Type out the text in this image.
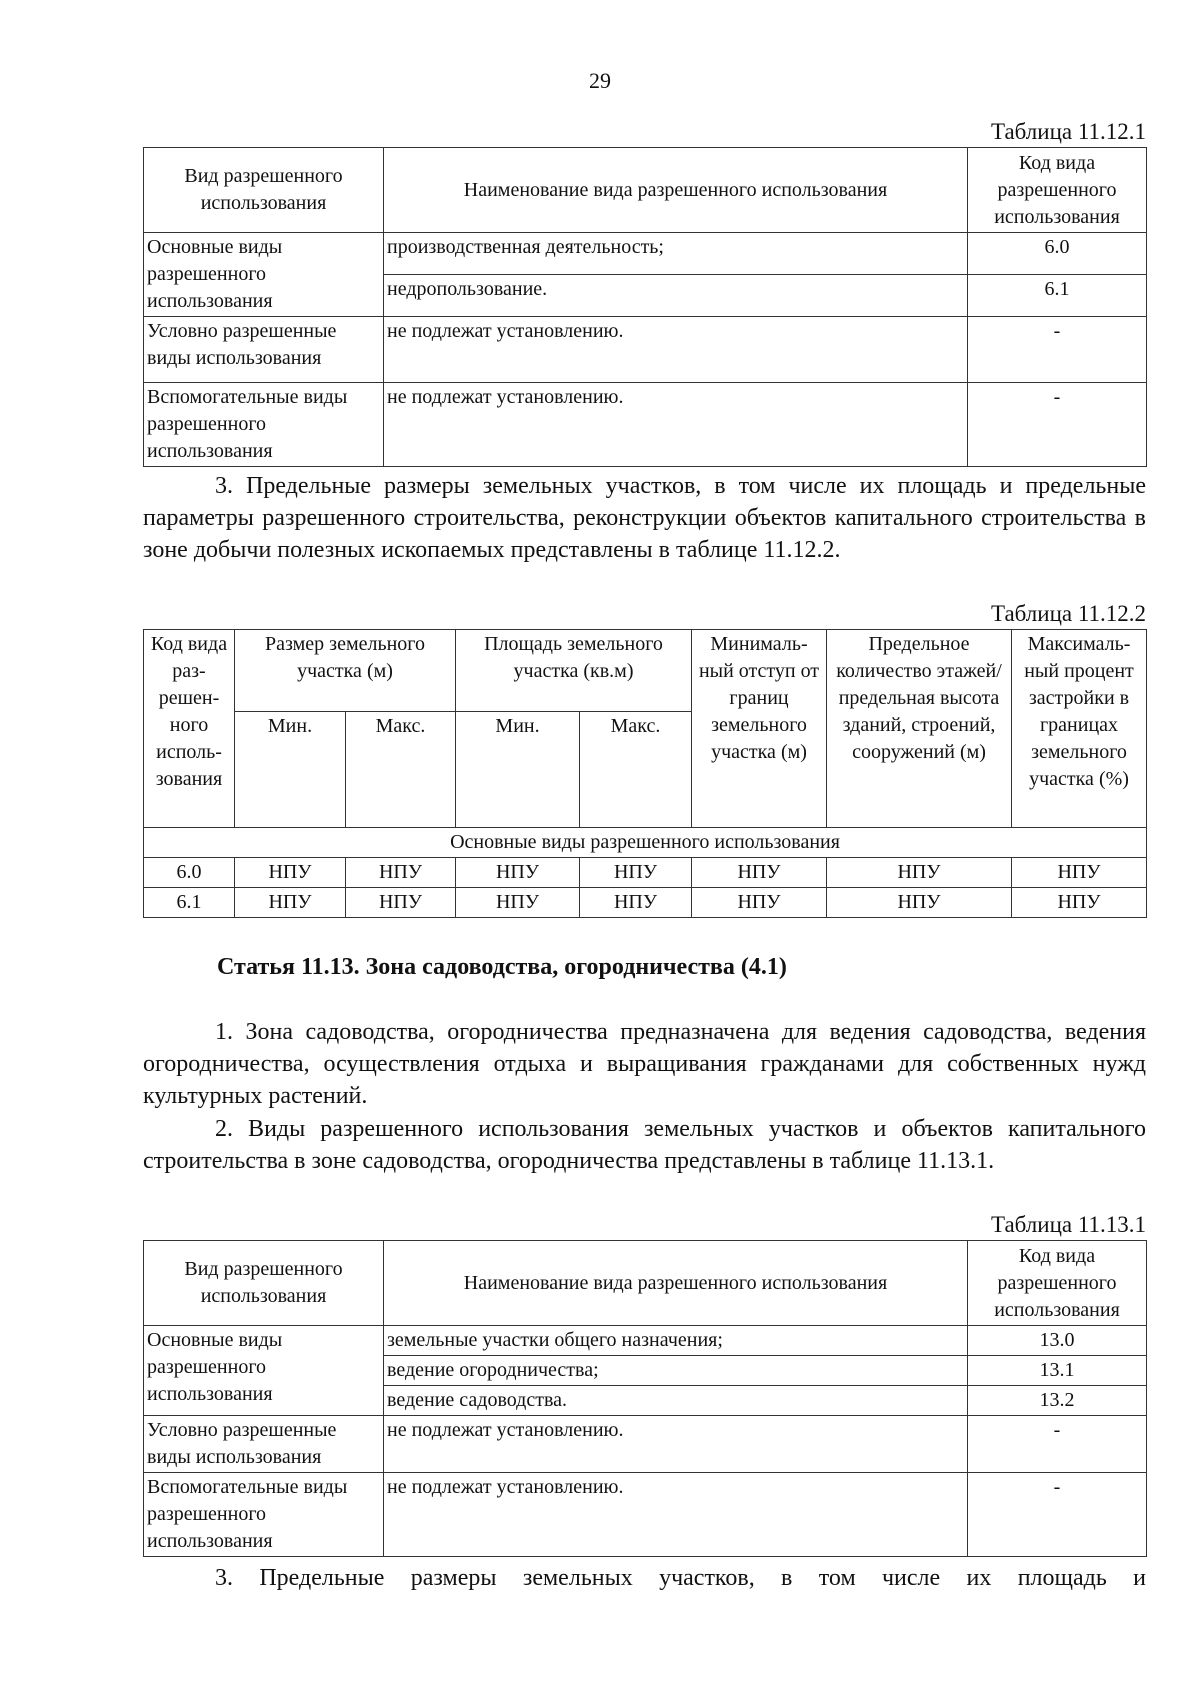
29
Таблица 11.12.1
Вид разрешенного использования	Наименование вида разрешенного использования	Код вида разрешенного использования
Основные виды разрешенного использования	производственная деятельность;	6.0
	недропользование.	6.1
Условно разрешенные виды использования	не подлежат установлению.	-
Вспомогательные виды разрешенного использования	не подлежат установлению.	-

3. Предельные размеры земельных участков, в том числе их площадь и предельные параметры разрешенного строительства, реконструкции объектов капитального строительства в зоне добычи полезных ископаемых представлены в таблице 11.12.2.

Таблица 11.12.2
Код вида раз-решен-ного исполь-зования	Размер земельного участка (м)		Площадь земельного участка (кв.м)		Минималь-ный отступ от границ земельного участка (м)	Предельное количество этажей/ предельная высота зданий, строений, сооружений (м)	Максималь-ный процент застройки в границах земельного участка (%)
	Мин.	Макс.	Мин.	Макс.			
Основные виды разрешенного использования							
6.0	НПУ	НПУ	НПУ	НПУ	НПУ	НПУ	НПУ
6.1	НПУ	НПУ	НПУ	НПУ	НПУ	НПУ	НПУ

Статья 11.13. Зона садоводства, огородничества (4.1)

1. Зона садоводства, огородничества предназначена для ведения садоводства, ведения огородничества, осуществления отдыха и выращивания гражданами для собственных нужд культурных растений.

2. Виды разрешенного использования земельных участков и объектов капитального строительства в зоне садоводства, огородничества представлены в таблице 11.13.1.

Таблица 11.13.1
Вид разрешенного использования	Наименование вида разрешенного использования	Код вида разрешенного использования
Основные виды разрешенного использования	земельные участки общего назначения;	13.0
	ведение огородничества;	13.1
	ведение садоводства.	13.2
Условно разрешенные виды использования	не подлежат установлению.	-
Вспомогательные виды разрешенного использования	не подлежат установлению.	-

3. Предельные размеры земельных участков, в том числе их площадь и
